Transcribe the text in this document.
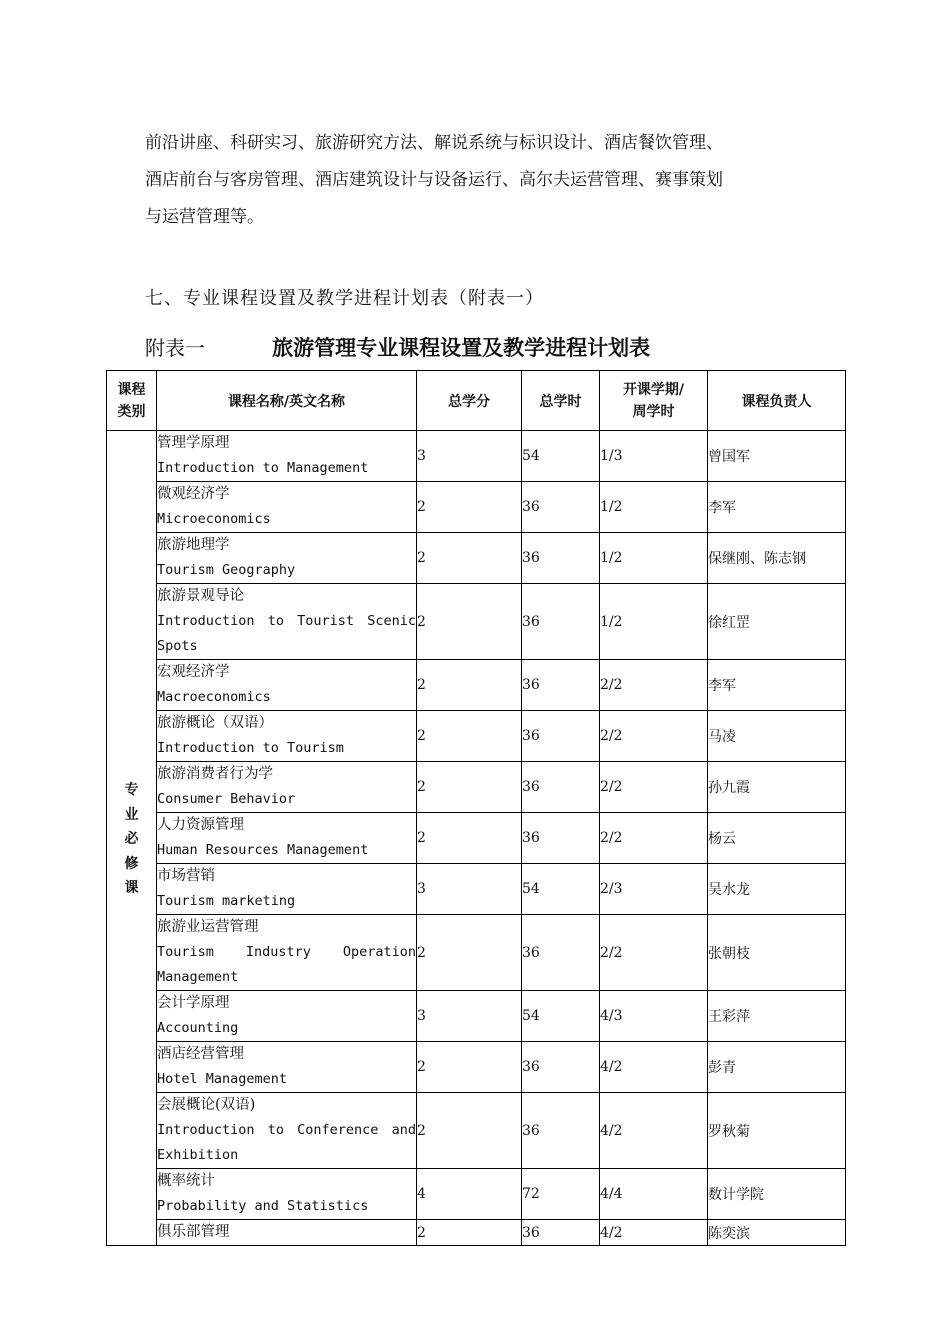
前沿讲座、科研实习、旅游研究方法、解说系统与标识设计、酒店餐饮管理、
酒店前台与客房管理、酒店建筑设计与设备运行、高尔夫运营管理、赛事策划
与运营管理等。
七、专业课程设置及教学进程计划表（附表一）
附表一	旅游管理专业课程设置及教学进程计划表
课程
类别	课程名称/英文名称	总学分	总学时	开课学期/
周学时	课程负责人
专业必修课	管理学原理
Introduction to Management	3	54	1/3	曾国军

	微观经济学
Microeconomics	2	36	1/2	李军

	旅游地理学
Tourism Geography	2	36	1/2	保继刚、陈志钢

	旅游景观导论
Introduction to Tourist Scenic Spots	2	36	1/2	徐红罡

	宏观经济学
Macroeconomics	2	36	2/2	李军

	旅游概论（双语）
Introduction to Tourism	2	36	2/2	马凌

	旅游消费者行为学
Consumer Behavior	2	36	2/2	孙九霞

	人力资源管理
Human Resources Management	2	36	2/2	杨云

	市场营销
Tourism marketing	3	54	2/3	吴水龙

	旅游业运营管理
Tourism Industry Operation Management	2	36	2/2	张朝枝

	会计学原理
Accounting	3	54	4/3	王彩萍

	酒店经营管理
Hotel Management	2	36	4/2	彭青

	会展概论(双语)
Introduction to Conference and Exhibition	2	36	4/2	罗秋菊

	概率统计
Probability and Statistics	4	72	4/4	数计学院

	俱乐部管理	2	36	4/2	陈奕滨
